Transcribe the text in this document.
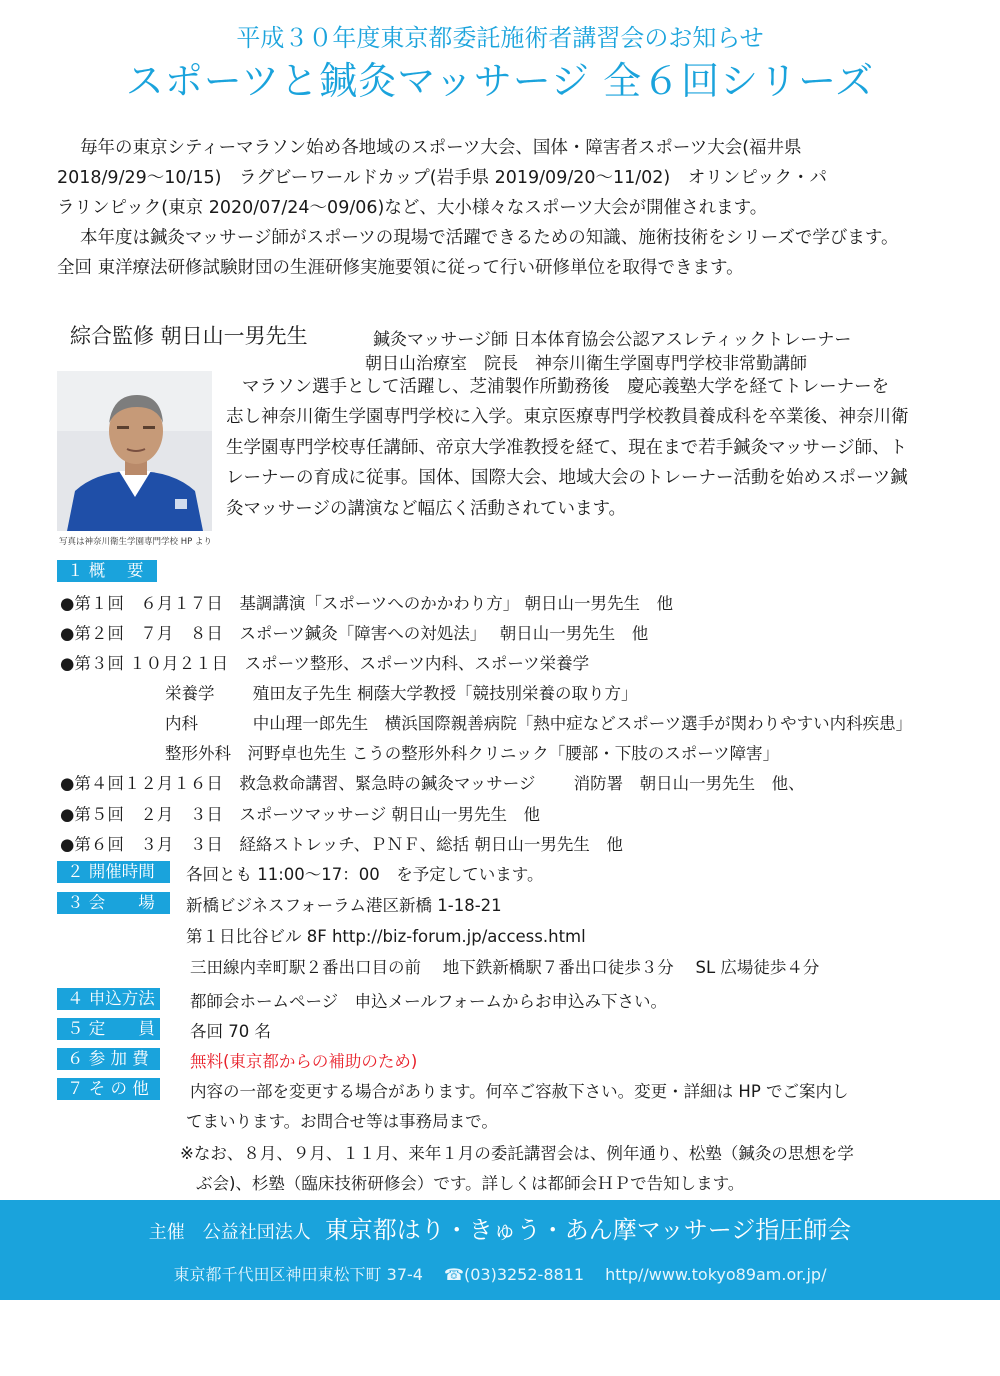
平成３０年度東京都委託施術者講習会のお知らせ
スポーツと鍼灸マッサージ 全６回シリーズ
毎年の東京シティーマラソン始め各地域のスポーツ大会、国体・障害者スポーツ大会(福井県
2018/9/29～10/15)　ラグビーワールドカップ(岩手県 2019/09/20～11/02)　オリンピック・パ
ラリンピック(東京 2020/07/24～09/06)など、大小様々なスポーツ大会が開催されます。
本年度は鍼灸マッサージ師がスポーツの現場で活躍できるための知識、施術技術をシリーズで学びます。
全回 東洋療法研修試験財団の生涯研修実施要領に従って行い研修単位を取得できます。
綜合監修 朝日山一男先生	鍼灸マッサージ師 日本体育協会公認アスレティックトレーナー
朝日山治療室　院長　神奈川衛生学園専門学校非常勤講師
写真は神奈川衛生学園専門学校 HP より
マラソン選手として活躍し、芝浦製作所勤務後　慶応義塾大学を経てトレーナーを
志し神奈川衛生学園専門学校に入学。東京医療専門学校教員養成科を卒業後、神奈川衛
生学園専門学校専任講師、帝京大学准教授を経て、現在まで若手鍼灸マッサージ師、ト
レーナーの育成に従事。国体、国際大会、地域大会のトレーナー活動を始めスポーツ鍼
灸マッサージの講演など幅広く活動されています。
１ 概　 要
●第１回　６月１７日　基調講演「スポーツへのかかわり方」 朝日山一男先生　他
●第２回　７月　８日　スポーツ鍼灸「障害への対処法」　 朝日山一男先生　他
●第３回 １０月２１日　スポーツ整形、スポーツ内科、スポーツ栄養学
栄養学　　 殖田友子先生 桐蔭大学教授「競技別栄養の取り方」
内科　　　 中山理一郎先生　横浜国際親善病院「熱中症などスポーツ選手が関わりやすい内科疾患」
整形外科　河野卓也先生 こうの整形外科クリニック「腰部・下肢のスポーツ障害」
●第４回１２月１６日　救急救命講習、緊急時の鍼灸マッサージ　　 消防署　朝日山一男先生　他、
●第５回　２月　３日　スポーツマッサージ 朝日山一男先生　他
●第６回　３月　３日　経絡ストレッチ、ＰＮＦ、総括 朝日山一男先生　他
２ 開催時間	各回とも 11:00～17：00　を予定しています。
３ 会　　場	新橋ビジネスフォーラム港区新橋 1-18-21
第１日比谷ビル 8F http://biz-forum.jp/access.html
三田線内幸町駅２番出口目の前　 地下鉄新橋駅７番出口徒歩３分　 SL 広場徒歩４分
４ 申込方法	都師会ホームページ　申込メールフォームからお申込み下さい。
５ 定　　員	各回 70 名
６ 参 加 費	無料(東京都からの補助のため)
７ そ の 他	内容の一部を変更する場合があります。何卒ご容赦下さい。変更・詳細は HP でご案内し
てまいります。お問合せ等は事務局まで。
※なお、８月、９月、１１月、来年１月の委託講習会は、例年通り、松塾（鍼灸の思想を学
ぶ会)、杉塾（臨床技術研修会）です。詳しくは都師会ＨＰで告知します。
主催　公益社団法人 東京都はり・きゅう・あん摩マッサージ指圧師会
東京都千代田区神田東松下町 37-4　 ☎(03)3252-8811 http//www.tokyo89am.or.jp/
